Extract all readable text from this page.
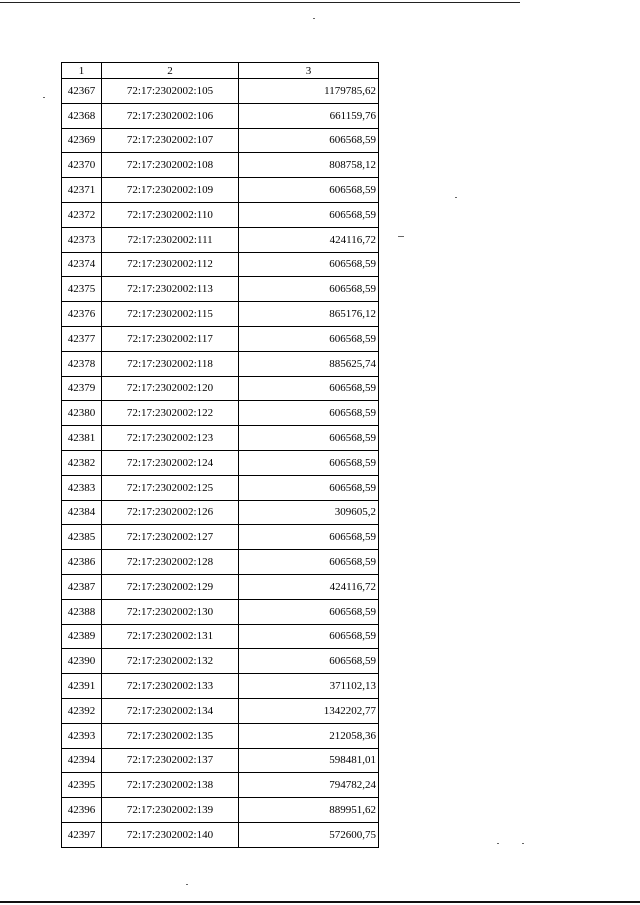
1	2	3
42367	72:17:2302002:105	1179785,62
42368	72:17:2302002:106	661159,76
42369	72:17:2302002:107	606568,59
42370	72:17:2302002:108	808758,12
42371	72:17:2302002:109	606568,59
42372	72:17:2302002:110	606568,59
42373	72:17:2302002:111	424116,72
42374	72:17:2302002:112	606568,59
42375	72:17:2302002:113	606568,59
42376	72:17:2302002:115	865176,12
42377	72:17:2302002:117	606568,59
42378	72:17:2302002:118	885625,74
42379	72:17:2302002:120	606568,59
42380	72:17:2302002:122	606568,59
42381	72:17:2302002:123	606568,59
42382	72:17:2302002:124	606568,59
42383	72:17:2302002:125	606568,59
42384	72:17:2302002:126	309605,2
42385	72:17:2302002:127	606568,59
42386	72:17:2302002:128	606568,59
42387	72:17:2302002:129	424116,72
42388	72:17:2302002:130	606568,59
42389	72:17:2302002:131	606568,59
42390	72:17:2302002:132	606568,59
42391	72:17:2302002:133	371102,13
42392	72:17:2302002:134	1342202,77
42393	72:17:2302002:135	212058,36
42394	72:17:2302002:137	598481,01
42395	72:17:2302002:138	794782,24
42396	72:17:2302002:139	889951,62
42397	72:17:2302002:140	572600,75
